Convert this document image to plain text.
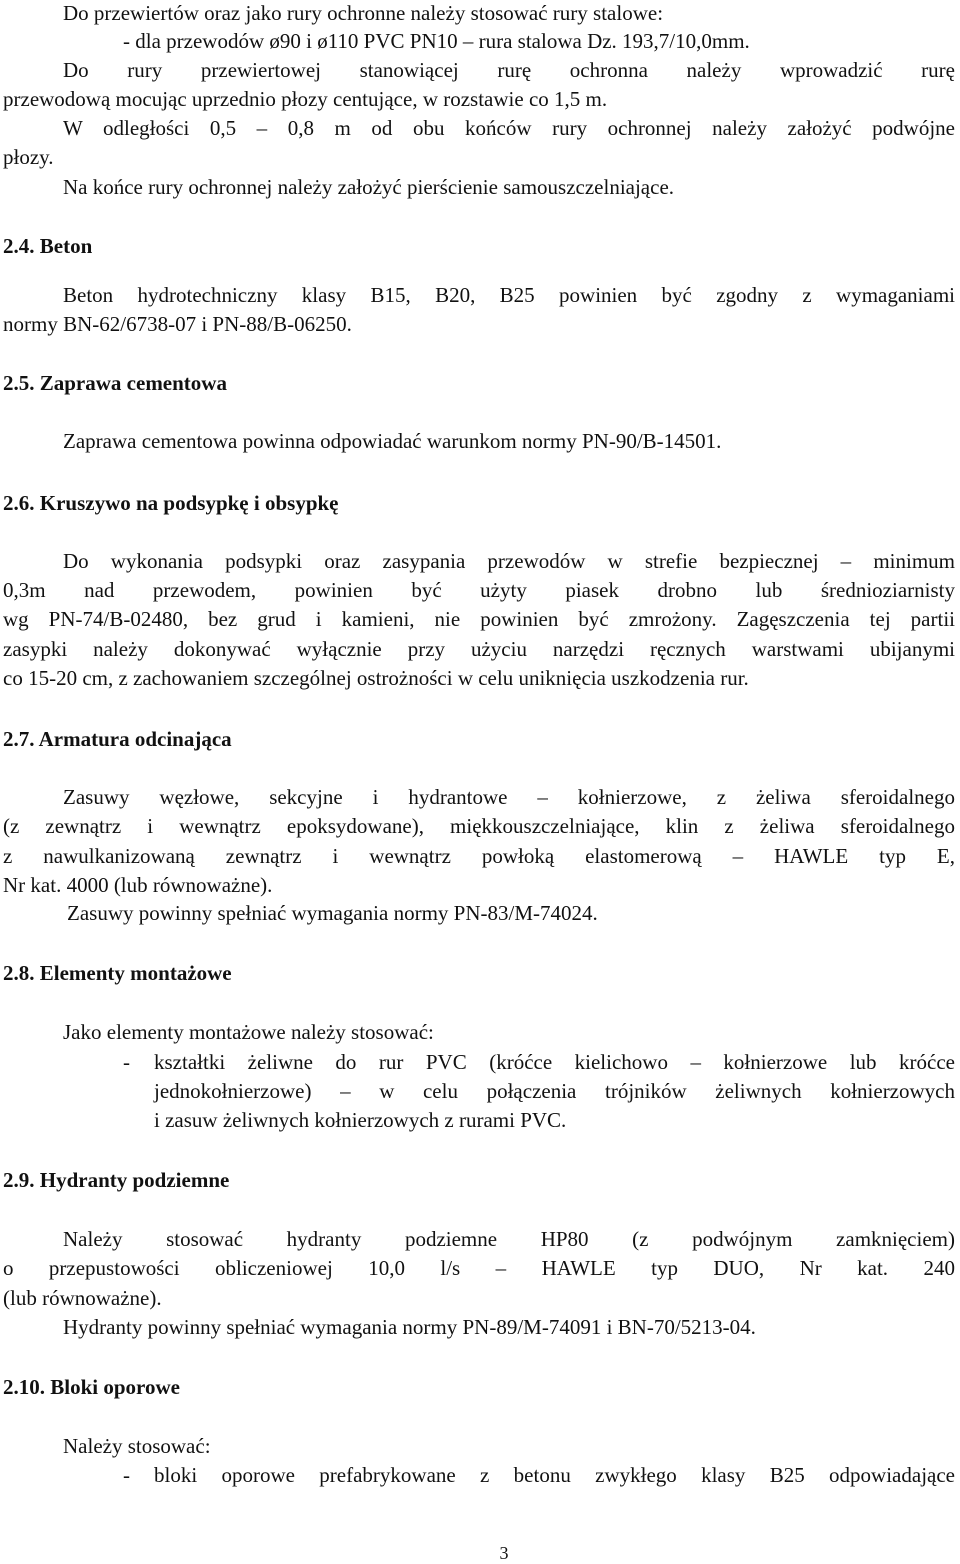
Do przewiertów oraz jako rury ochronne należy stosować rury stalowe:
- dla przewodów ø90 i ø110 PVC PN10 – rura stalowa Dz. 193,7/10,0mm.
Do rury przewiertowej stanowiącej rurę ochronna należy wprowadzić rurę
przewodową mocując uprzednio płozy centujące, w rozstawie co 1,5 m.
W odległości 0,5 – 0,8 m od obu końców rury ochronnej należy założyć podwójne
płozy.
Na końce rury ochronnej należy założyć pierścienie samouszczelniające.
2.4. Beton
Beton hydrotechniczny klasy B15, B20, B25 powinien być zgodny z wymaganiami
normy BN-62/6738-07 i PN-88/B-06250.
2.5. Zaprawa cementowa
Zaprawa cementowa powinna odpowiadać warunkom normy PN-90/B-14501.
2.6. Kruszywo na podsypkę i obsypkę
Do wykonania podsypki oraz zasypania przewodów w strefie bezpiecznej – minimum
0,3m nad przewodem, powinien być użyty piasek drobno lub średnioziarnisty
wg PN-74/B-02480, bez grud i kamieni, nie powinien być zmrożony. Zagęszczenia tej partii
zasypki należy dokonywać wyłącznie przy użyciu narzędzi ręcznych warstwami ubijanymi
co 15-20 cm, z zachowaniem szczególnej ostrożności w celu uniknięcia uszkodzenia rur.
2.7. Armatura odcinająca
Zasuwy węzłowe, sekcyjne i hydrantowe – kołnierzowe, z żeliwa sferoidalnego
(z zewnątrz i wewnątrz epoksydowane), miękkouszczelniające, klin z żeliwa sferoidalnego
z nawulkanizowaną zewnątrz i wewnątrz powłoką elastomerową – HAWLE typ E,
Nr kat. 4000 (lub równoważne).
Zasuwy powinny spełniać wymagania normy PN-83/M-74024.
2.8. Elementy montażowe
Jako elementy montażowe należy stosować:
- kształtki żeliwne do rur PVC (króćce kielichowo – kołnierzowe lub króćce
jednokołnierzowe) – w celu połączenia trójników żeliwnych kołnierzowych
i zasuw żeliwnych kołnierzowych z rurami PVC.
2.9. Hydranty podziemne
Należy stosować hydranty podziemne HP80 (z podwójnym zamknięciem)
o przepustowości obliczeniowej 10,0 l/s – HAWLE typ DUO, Nr kat. 240
(lub równoważne).
Hydranty powinny spełniać wymagania normy PN-89/M-74091 i BN-70/5213-04.
2.10. Bloki oporowe
Należy stosować:
- bloki oporowe prefabrykowane z betonu zwykłego klasy B25 odpowiadające
3
